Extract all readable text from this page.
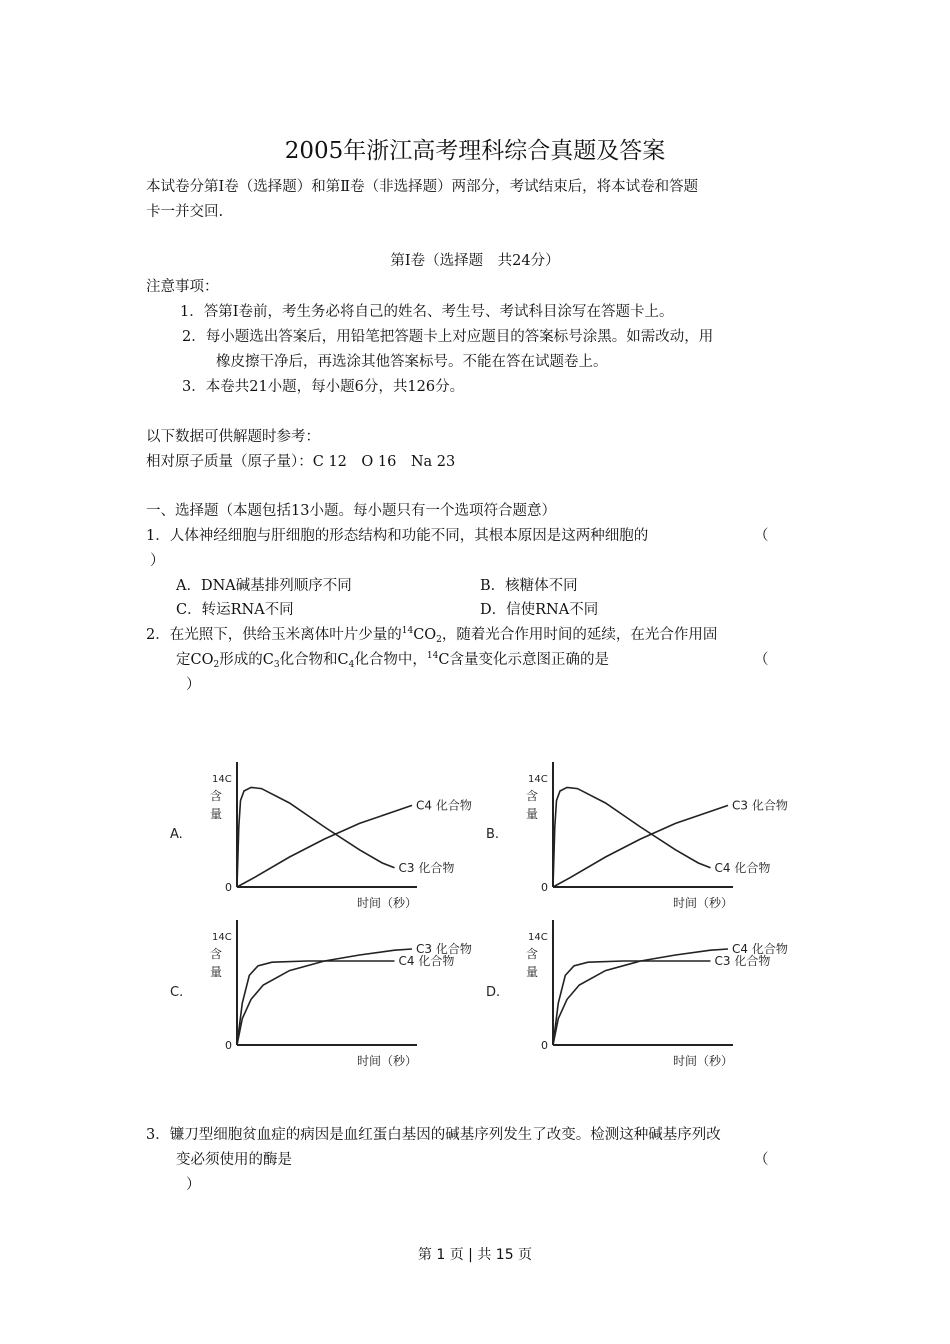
2005年浙江高考理科综合真题及答案
本试卷分第Ⅰ卷（选择题）和第Ⅱ卷（非选择题）两部分，考试结束后，将本试卷和答题
卡一并交回.
第Ⅰ卷（选择题　共24分）
注意事项：
1．答第Ⅰ卷前，考生务必将自己的姓名、考生号、考试科目涂写在答题卡上。
2．每小题选出答案后，用铅笔把答题卡上对应题目的答案标号涂黑。如需改动，用
橡皮擦干净后，再选涂其他答案标号。不能在答在试题卷上。
3．本卷共21小题，每小题6分，共126分。
以下数据可供解题时参考：
相对原子质量（原子量）：C 12　O 16　Na 23
一、选择题（本题包括13小题。每小题只有一个选项符合题意）
1．人体神经细胞与肝细胞的形态结构和功能不同，其根本原因是这两种细胞的	（
）
A．DNA碱基排列顺序不同	B．核糖体不同
C．转运RNA不同	D．信使RNA不同
2．在光照下，供给玉米离体叶片少量的$^{14}CO_2$，随着光合作用时间的延续，在光合作用固
定$CO_2$形成的$C_3$化合物和$C_4$化合物中，$^{14}$C含量变化示意图正确的是	（
）
A.
14C
含
量
0
时间（秒）
C4 化合物
C3 化合物
B.
14C
含
量
0
时间（秒）
C3 化合物
C4 化合物
C.
14C
含
量
0
时间（秒）
C3 化合物
C4 化合物
D.
14C
含
量
0
时间（秒）
C4 化合物
C3 化合物
3．镰刀型细胞贫血症的病因是血红蛋白基因的碱基序列发生了改变。检测这种碱基序列改
变必须使用的酶是	（
）
第 1 页 | 共 15 页
